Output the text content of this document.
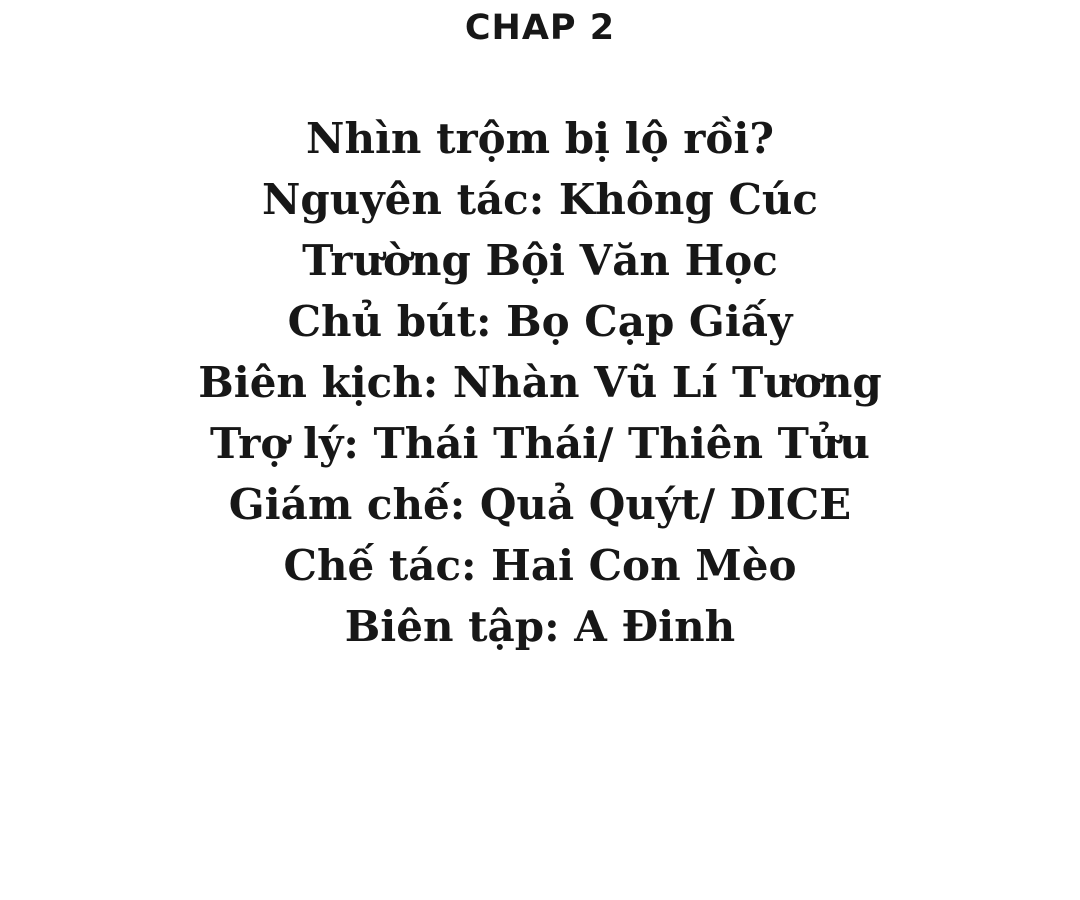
CHAP 2
Nhìn trộm bị lộ rồi?
Nguyên tác: Không Cúc
Trường Bội Văn Học
Chủ bút: Bọ Cạp Giấy
Biên kịch: Nhàn Vũ Lí Tương
Trợ lý: Thái Thái/ Thiên Tửu
Giám chế: Quả Quýt/ DICE
Chế tác: Hai Con Mèo
Biên tập: A Đinh
